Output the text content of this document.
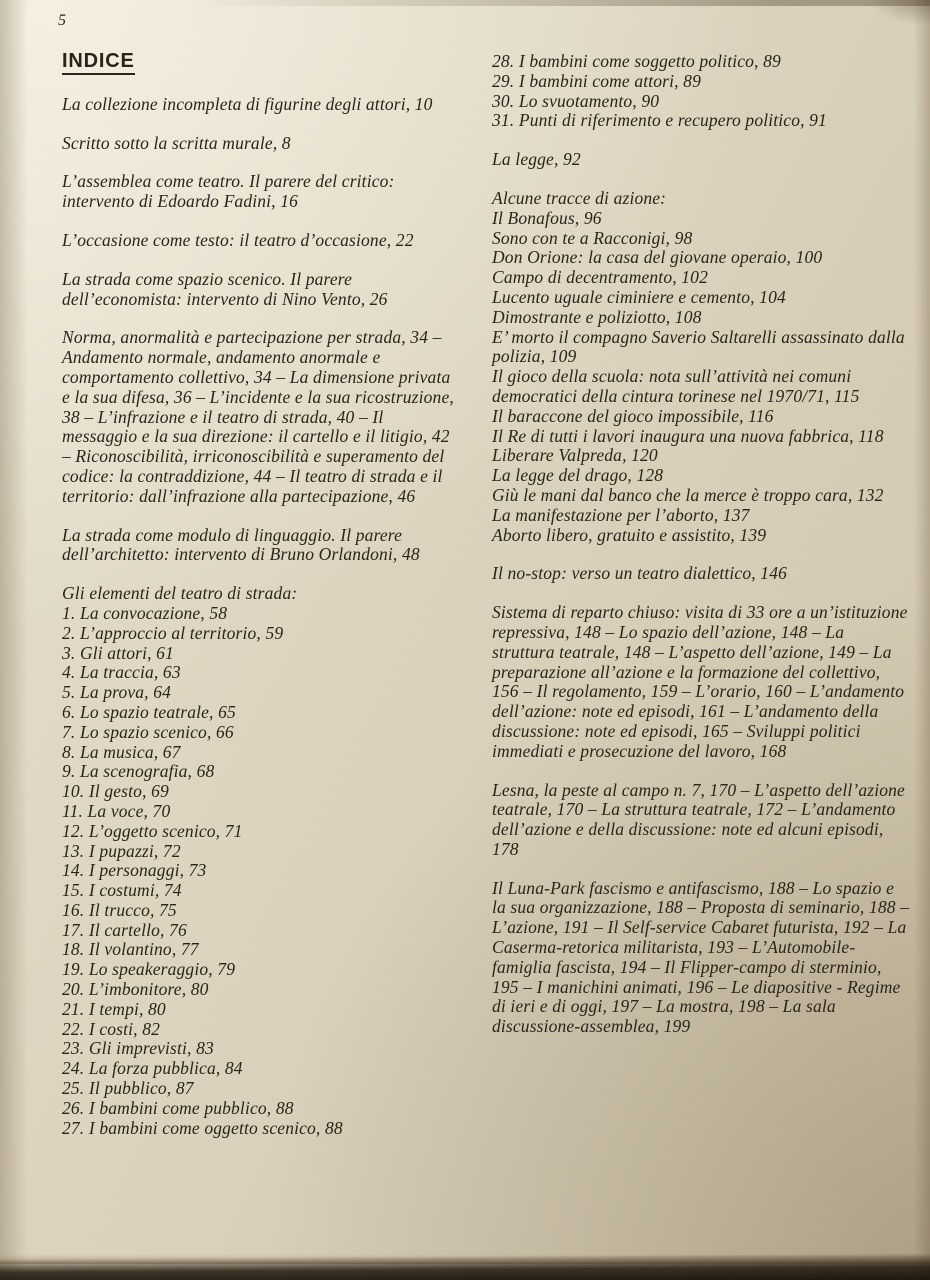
5
INDICE
La collezione incompleta di figurine degli attori, 10
Scritto sotto la scritta murale, 8
L’assemblea come teatro. Il parere del critico: intervento di Edoardo Fadini, 16
L’occasione come testo: il teatro d’occasione, 22
La strada come spazio scenico. Il parere dell’economista: intervento di Nino Vento, 26
Norma, anormalità e partecipazione per strada, 34 – Andamento normale, andamento anormale e comportamento collettivo, 34 – La dimensione privata e la sua difesa, 36 – L’incidente e la sua ricostruzione, 38 – L’infrazione e il teatro di strada, 40 – Il messaggio e la sua direzione: il cartello e il litigio, 42 – Riconoscibilità, irriconoscibilità e superamento del codice: la contraddizione, 44 – Il teatro di strada e il territorio: dall’infrazione alla partecipazione, 46
La strada come modulo di linguaggio. Il parere dell’architetto: intervento di Bruno Orlandoni, 48
Gli elementi del teatro di strada:
1. La convocazione, 58
2. L’approccio al territorio, 59
3. Gli attori, 61
4. La traccia, 63
5. La prova, 64
6. Lo spazio teatrale, 65
7. Lo spazio scenico, 66
8. La musica, 67
9. La scenografia, 68
10. Il gesto, 69
11. La voce, 70
12. L’oggetto scenico, 71
13. I pupazzi, 72
14. I personaggi, 73
15. I costumi, 74
16. Il trucco, 75
17. Il cartello, 76
18. Il volantino, 77
19. Lo speakeraggio, 79
20. L’imbonitore, 80
21. I tempi, 80
22. I costi, 82
23. Gli imprevisti, 83
24. La forza pubblica, 84
25. Il pubblico, 87
26. I bambini come pubblico, 88
27. I bambini come oggetto scenico, 88
28. I bambini come soggetto politico, 89
29. I bambini come attori, 89
30. Lo svuotamento, 90
31. Punti di riferimento e recupero politico, 91
La legge, 92
Alcune tracce di azione:
Il Bonafous, 96
Sono con te a Racconigi, 98
Don Orione: la casa del giovane operaio, 100
Campo di decentramento, 102
Lucento uguale ciminiere e cemento, 104
Dimostrante e poliziotto, 108
E’ morto il compagno Saverio Saltarelli assassinato dalla polizia, 109
Il gioco della scuola: nota sull’attività nei comuni democratici della cintura torinese nel 1970/71, 115
Il baraccone del gioco impossibile, 116
Il Re di tutti i lavori inaugura una nuova fabbrica, 118
Liberare Valpreda, 120
La legge del drago, 128
Giù le mani dal banco che la merce è troppo cara, 132
La manifestazione per l’aborto, 137
Aborto libero, gratuito e assistito, 139
Il no-stop: verso un teatro dialettico, 146
Sistema di reparto chiuso: visita di 33 ore a un’istituzione repressiva, 148 – Lo spazio dell’azione, 148 – La struttura teatrale, 148 – L’aspetto dell’azione, 149 – La preparazione all’azione e la formazione del collettivo, 156 – Il regolamento, 159 – L’orario, 160 – L’andamento dell’azione: note ed episodi, 161 – L’andamento della discussione: note ed episodi, 165 – Sviluppi politici immediati e prosecuzione del lavoro, 168
Lesna, la peste al campo n. 7, 170 – L’aspetto dell’azione teatrale, 170 – La struttura teatrale, 172 – L’andamento dell’azione e della discussione: note ed alcuni episodi, 178
Il Luna-Park fascismo e antifascismo, 188 – Lo spazio e la sua organizzazione, 188 – Proposta di seminario, 188 – L’azione, 191 – Il Self-service Cabaret futurista, 192 – La Caserma-retorica militarista, 193 – L’Automobile-famiglia fascista, 194 – Il Flipper-campo di sterminio, 195 – I manichini animati, 196 – Le diapositive - Regime di ieri e di oggi, 197 – La mostra, 198 – La sala discussione-assemblea, 199
